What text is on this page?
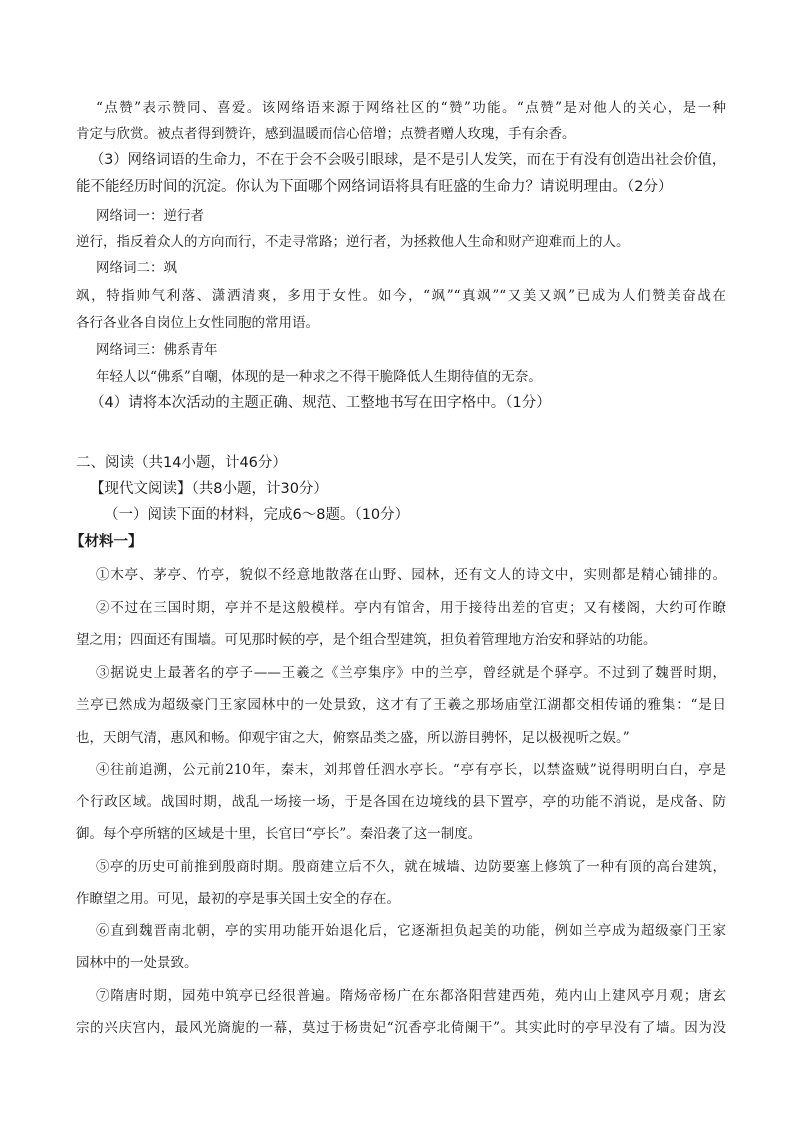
“点赞”表示赞同、喜爱。该网络语来源于网络社区的“赞”功能。“点赞”是对他人的关心，是一种
肯定与欣赏。被点者得到赞许，感到温暖而信心倍增；点赞者赠人玫瑰，手有余香。
（3）网络词语的生命力，不在于会不会吸引眼球，是不是引人发笑，而在于有没有创造出社会价值，
能不能经历时间的沉淀。你认为下面哪个网络词语将具有旺盛的生命力？请说明理由。（2分）
网络词一：逆行者
逆行，指反着众人的方向而行，不走寻常路；逆行者，为拯救他人生命和财产迎难而上的人。
网络词二：飒
飒，特指帅气利落、潇洒清爽，多用于女性。如今，“飒”“真飒”“又美又飒”已成为人们赞美奋战在
各行各业各自岗位上女性同胞的常用语。
网络词三：佛系青年
年轻人以“佛系”自嘲，体现的是一种求之不得干脆降低人生期待值的无奈。
（4）请将本次活动的主题正确、规范、工整地书写在田字格中。（1分）
二、阅读（共14小题，计46分）
【现代文阅读】（共8小题，计30分）
（一）阅读下面的材料，完成6～8题。（10分）
【材料一】
①木亭、茅亭、竹亭，貌似不经意地散落在山野、园林，还有文人的诗文中，实则都是精心铺排的。
②不过在三国时期，亭并不是这般模样。亭内有馆舍，用于接待出差的官吏；又有楼阁，大约可作瞭
望之用；四面还有围墙。可见那时候的亭，是个组合型建筑，担负着管理地方治安和驿站的功能。
③据说史上最著名的亭子——王羲之《兰亭集序》中的兰亭，曾经就是个驿亭。不过到了魏晋时期，
兰亭已然成为超级豪门王家园林中的一处景致，这才有了王羲之那场庙堂江湖都交相传诵的雅集：“是日
也，天朗气清，惠风和畅。仰观宇宙之大，俯察品类之盛，所以游目骋怀，足以极视听之娱。”
④往前追溯，公元前210年，秦末，刘邦曾任泗水亭长。“亭有亭长，以禁盗贼”说得明明白白，亭是
个行政区域。战国时期，战乱一场接一场，于是各国在边境线的县下置亭，亭的功能不消说，是戍备、防
御。每个亭所辖的区域是十里，长官曰“亭长”。秦沿袭了这一制度。
⑤亭的历史可前推到殷商时期。殷商建立后不久，就在城墙、边防要塞上修筑了一种有顶的高台建筑，
作瞭望之用。可见，最初的亭是事关国土安全的存在。
⑥直到魏晋南北朝，亭的实用功能开始退化后，它逐渐担负起美的功能，例如兰亭成为超级豪门王家
园林中的一处景致。
⑦隋唐时期，园苑中筑亭已经很普遍。隋炀帝杨广在东都洛阳营建西苑，苑内山上建风亭月观；唐玄
宗的兴庆宫内，最风光旖旎的一幕，莫过于杨贵妃“沉香亭北倚阑干”。其实此时的亭早没有了墙。因为没
